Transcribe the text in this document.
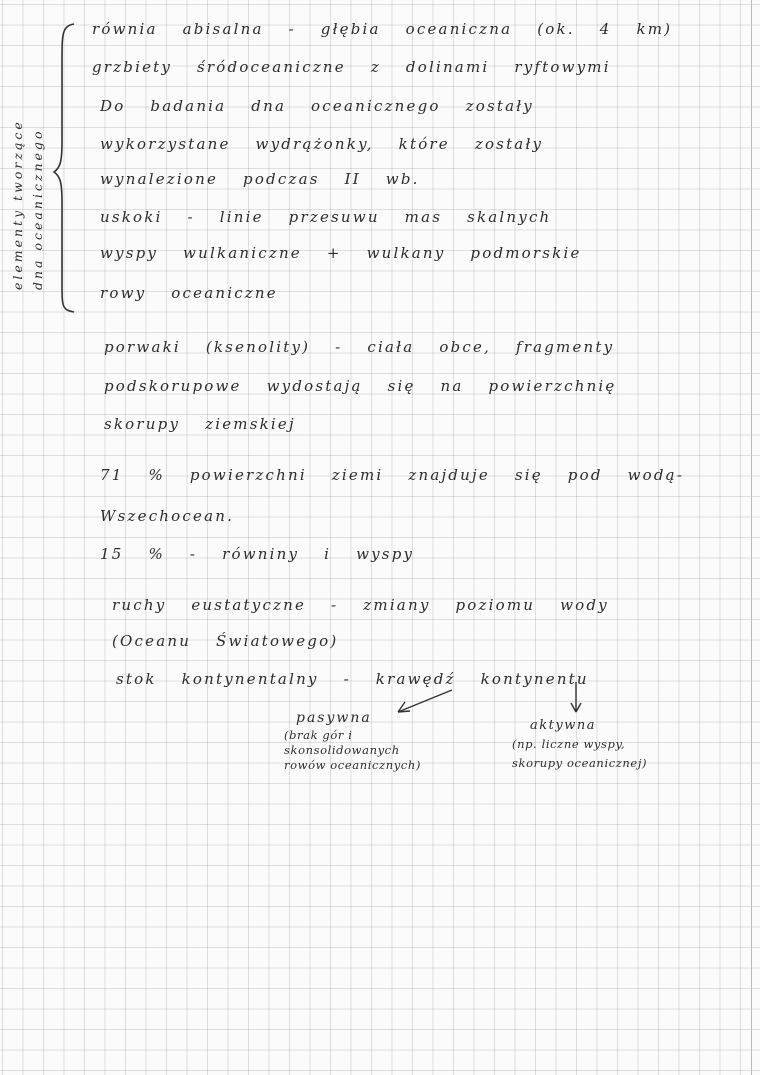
elementy tworzące dna oceanicznego
równia abisalna - głębia oceaniczna (ok. 4 km)
grzbiety śródoceaniczne z dolinami ryftowymi
Do badania dna oceanicznego zostały
wykorzystane wydrążonky, które zostały
wynalezione podczas II wb.
uskoki - linie przesuwu mas skalnych
wyspy wulkaniczne + wulkany podmorskie
rowy oceaniczne
porwaki (ksenolity) - ciała obce, fragmenty
podskorupowe wydostają się na powierzchnię
skorupy ziemskiej
71 % powierzchni ziemi znajduje się pod wodą-
Wszechocean.
15 % - równiny i wyspy
ruchy eustatyczne - zmiany poziomu wody
(Oceanu Światowego)
stok kontynentalny - krawędź kontynentu
pasywna
(brak gór i
skonsolidowanych
rowów oceanicznych)
aktywna
(np. liczne wyspy,
skorupy oceanicznej)
